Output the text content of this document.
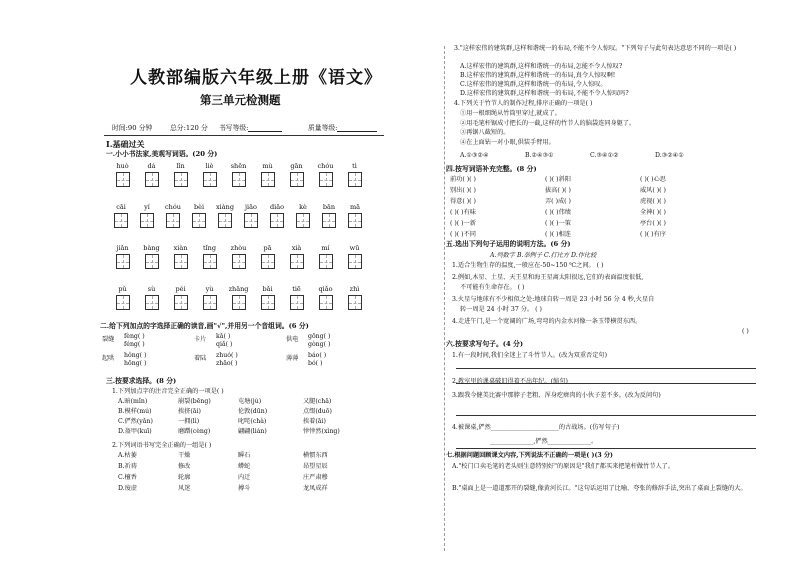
人教部编版六年级上册《语文》
第三单元检测题
时间:90 分钟	总分:120 分 书写等级:	质量等级:
Ⅰ.基础过关
一.小小书法家,美观写词语。(20 分)
huò	dá	lǐn	liè	shēn	mù	gān	chóu	tì
cāi	yí	chóu	bèi	xiàng	jiāo	diāo	kè	bān	mā
jiǎn	bàng	xiàn	tǐng	zhòu	pā	xià	mí	wū
pǔ	sù	péi	yù	zhāng	bǎi	tiē	qiǎo	zhì
二.给下列加点的字选择正确的读音,画"√",并用另一个音组词。(6 分)
裂缝 fèng( )
féng( )
卡片 kǎ( )
qiǎ( )
供电 gōng( )
gòng( )
起哄 hǒng( )
hōng( )
着陆 zhuó( )
zhāo( )
薄薄 báo( )
bó( )
三.按要求选择。(8 分)
1.下列加点字的注音完全正确的一项是( )
A.暗(mǐn)	崩裂(bēng)	屯塘(jù)	又腿(chā)
B.模样(mú)	挨挤(āi)	伦敦(dūn)	点缀(duō)
C.俨然(yǎn)	一拥(lì)	叱咤(chà)	挨着(āi)
D.盔甲(kuī)	磨蹭(cèng)	翩翩(lián)	悻悻然(xìng)
2.下列词语书写完全正确的一组是( )
A.枯萎	干燥	瞬石	横惯东西
B.祈祷	修改	蟒蛇	昂望星辰
C.檀香	轮廓	内迁	庄严肃穆
D.废虚	风迷	搏斗	龙凤成祥
3."这样宏伟的建筑群,这样和谐统一的布局,不能不令人惊叹。"下列句子与此句表达意思不同的一项是( )
A.这样宏伟的建筑群,这样和谐统一的布局,怎能不令人惊叹?
B.这样宏伟的建筑群,这样和谐统一的布局,真令人惊叹啊!
C.这样宏伟的建筑群,这样和谐统一的布局,令人惊叹。
D.这样宏伟的建筑群,这样和谐统一的布局,不能不令人惊叹吗?
4.下列关于竹节人的制作过程,排序正确的一项是( )
①用一根细绳从竹筒里穿过,就成了。
②用毛笔杆锯成寸把长的一截,这样的竹节人的脑袋连同身躯了。
③再锯八截短的。
④在上面钻一对小眼,供装手臂用。
A.①③②④	B.②④③①	C.③④①②	D.③②④①
四.按写词语补充完整。(8 分)
前功( )( )	( )( )斜阳	( )( )心思
别出( )( )	拔高( )( )	威风( )( )
得意( )( )	弄( )成( )	虎视( )( )
( )( )有味	( )( )伟绩	全神( )( )
( )( )一新	( )( )一策	亭台( )( )
( )( )不同	( )( )相连	( )( )有序
五.选出下列句子运用的说明方法。(6 分)
A.列数字 B.举例子 C.打比方 D.作比较
1.适合生物生存的温度,一般应在-50~150 ℃之间。 ( )
2.例如,木星、土星、天王星和海王星离太阳很远,它们的表面温度很低,
不可能有生命存在。 ( )
3.火星与地球有不少相似之处:地球自转一周是 23 小时 56 分 4 秒,火星自
转一周是 24 小时 37 分。 ( )
4.走进午门,是一个宽阔的广场,弯弯的内金水河像一条玉带横贯东西。
( )
六.按要求写句子。(4 分)
1.有一段时间,我们全迷上了斗竹节人。(改为双重否定句)
2.教室里的课桌破旧得着不出年纪。(缩句)
3.跟我今健美比赛中那脖子老粗、浑身疙瘩肉的小伙子差不多。(改为反问句)
4.被课桌,俨然______________________的古战场。(仿写句子)
______________,俨然______________。
七.根据问题回顾课文内容,下列说法不正确的一项是( )(3 分)
A."校门口卖毛笔的老头则生意特别好"的原因是"我们"都买来把笔杆做竹节人了。
B."桌面上是一道道那开的裂缝,像黄河长江。"这句话运用了比喻、夸张的修辞手法,突出了桌面上裂缝的大。
